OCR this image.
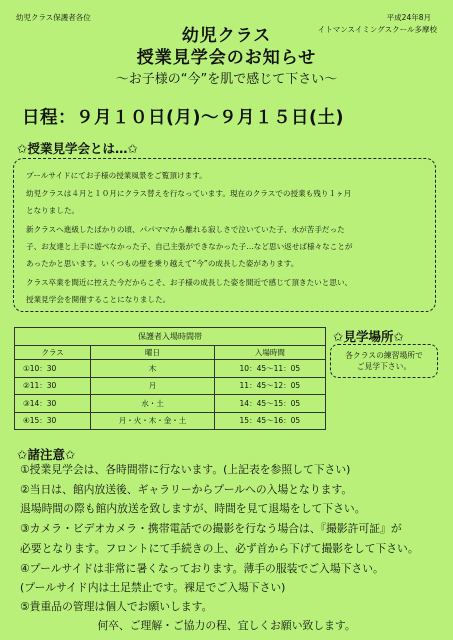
幼児クラス保護者各位	平成24年8月
イトマンスイミングスクール多摩校
幼児クラス
授業見学会のお知らせ
～お子様の“今”を肌で感じて下さい～
日程：９月１０日(月)～９月１５日(土)
✩授業見学会とは…✩
プールサイドにてお子様の授業風景をご覧頂けます。
幼児クラスは４月と１０月にクラス替えを行なっています。現在のクラスでの授業も残り１ヶ月
となりました。
新クラスへ進級したばかりの頃、パパママから離れる寂しさで泣いていた子、水が苦手だった
子、お友達と上手に遊べなかった子、自己主張ができなかった子…など思い返せば様々なことが
あったかと思います。いくつもの壁を乗り越えて“今”の成長した姿があります。
クラス卒業を間近に控えた今だからこそ、お子様の成長した姿を間近で感じて頂きたいと思い、
授業見学会を開催することになりました。
保護者入場時間帯		
クラス	曜日	入場時間
①10：30	木	10：45～11：05
②11：30	月	11：45～12：05
③14：30	水・土	14：45～15：05
④15：30	月・火・木・金・土	15：45～16：05
✩見学場所✩
各クラスの練習場所で
ご見学下さい。
✩諸注意✩
①授業見学会は、各時間帯に行ないます。(上記表を参照して下さい)
②当日は、館内放送後、ギャラリーからプールへの入場となります。
退場時間の際も館内放送を致しますが、時間を見て退場をして下さい。
③カメラ・ビデオカメラ・携帯電話での撮影を行なう場合は、『撮影許可証』が
必要となります。フロントにて手続きの上、必ず首から下げて撮影をして下さい。
④プールサイドは非常に暑くなっております。薄手の服装でご入場下さい。
(プールサイド内は土足禁止です。裸足でご入場下さい)
⑤貴重品の管理は個人でお願いします。
何卒、ご理解・ご協力の程、宜しくお願い致します。
